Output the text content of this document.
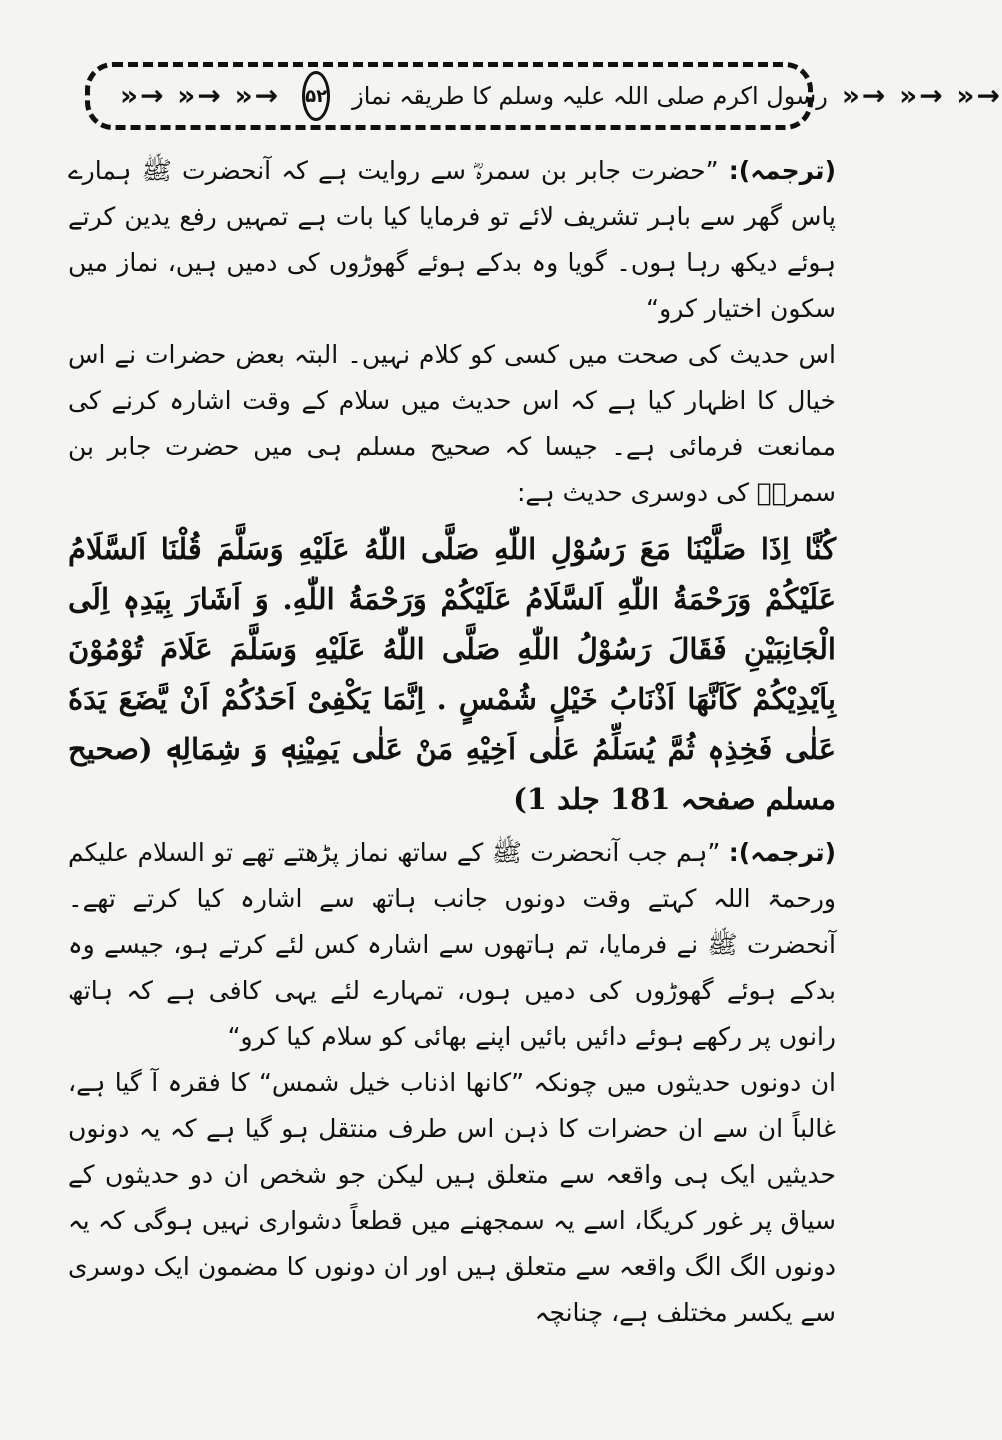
»→ »→ »→ ۵۲ رسول اکرم صلی اللہ علیہ وسلم کا طریقہ نماز »→ »→ »→

(ترجمہ): ”حضرت جابر بن سمرہؓ سے روایت ہے کہ آنحضرت ﷺ ہمارے پاس گھر سے باہر تشریف لائے تو فرمایا کیا بات ہے تمہیں رفع یدین کرتے ہوئے دیکھ رہا ہوں۔ گویا وہ بدکے ہوئے گھوڑوں کی دمیں ہیں، نماز میں سکون اختیار کرو“

اس حدیث کی صحت میں کسی کو کلام نہیں۔ البتہ بعض حضرات نے اس خیال کا اظہار کیا ہے کہ اس حدیث میں سلام کے وقت اشارہ کرنے کی ممانعت فرمائی ہے۔ جیسا کہ صحیح مسلم ہی میں حضرت جابر بن سمرہؓ کی دوسری حدیث ہے:

كُنَّا اِذَا صَلَّيْنَا مَعَ رَسُوْلِ اللّٰهِ صَلَّى اللّٰهُ عَلَيْهِ وَسَلَّمَ قُلْنَا اَلسَّلَامُ عَلَيْكُمْ وَرَحْمَةُ اللّٰهِ اَلسَّلَامُ عَلَيْكُمْ وَرَحْمَةُ اللّٰهِ. وَ اَشَارَ بِيَدِهٖ اِلَى الْجَانِبَيْنِ فَقَالَ رَسُوْلُ اللّٰهِ صَلَّى اللّٰهُ عَلَيْهِ وَسَلَّمَ عَلَامَ تُوْمُوْنَ بِاَيْدِيْكُمْ كَاَنَّهَا اَذْنَابُ خَيْلٍ شُمْسٍ . اِنَّمَا يَكْفِىْ اَحَدُكُمْ اَنْ يَّضَعَ يَدَهٗ عَلٰى فَخِذِهٖ ثُمَّ يُسَلِّمُ عَلٰى اَخِيْهِ مَنْ عَلٰى يَمِيْنِهٖ وَ شِمَالِهٖ (صحیح مسلم صفحہ 181 جلد 1)

(ترجمہ): ”ہم جب آنحضرت ﷺ کے ساتھ نماز پڑھتے تھے تو السلام علیکم ورحمۃ اللہ کہتے وقت دونوں جانب ہاتھ سے اشارہ کیا کرتے تھے۔ آنحضرت ﷺ نے فرمایا، تم ہاتھوں سے اشارہ کس لئے کرتے ہو، جیسے وہ بدکے ہوئے گھوڑوں کی دمیں ہوں، تمہارے لئے یہی کافی ہے کہ ہاتھ رانوں پر رکھے ہوئے دائیں بائیں اپنے بھائی کو سلام کیا کرو“

ان دونوں حدیثوں میں چونکہ ”کانھا اذناب خیل شمس“ کا فقرہ آ گیا ہے، غالباً ان سے ان حضرات کا ذہن اس طرف منتقل ہو گیا ہے کہ یہ دونوں حدیثیں ایک ہی واقعہ سے متعلق ہیں لیکن جو شخص ان دو حدیثوں کے سیاق پر غور کریگا، اسے یہ سمجھنے میں قطعاً دشواری نہیں ہوگی کہ یہ دونوں الگ الگ واقعہ سے متعلق ہیں اور ان دونوں کا مضمون ایک دوسری سے یکسر مختلف ہے، چنانچہ
